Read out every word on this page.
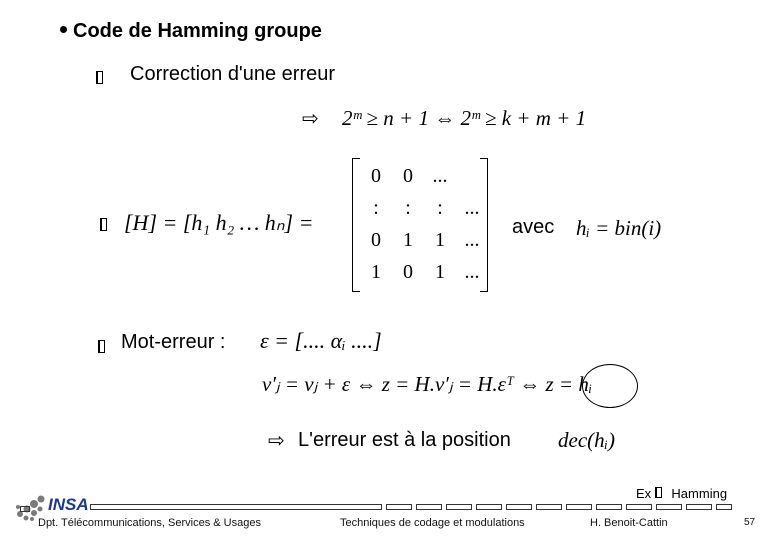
Code de Hamming groupe
Correction d'une erreur
⇨ 2ᵐ ≥ n + 1 ⇔ 2ᵐ ≥ k + m + 1
[H] = [h₁ h₂ … hₙ] =
0	0	...	
:	:	:	...
0	1	1	...
1	0	1	...
avec hᵢ = bin(i)
Mot-erreur : ε = [.... αᵢ ....]
v′ⱼ = vⱼ + ε ⇔ z = H.v′ⱼ = H.εᵀ ⇔ z = hᵢ
⇨ L'erreur est à la position dec(hᵢ)
Ex Hamming
INSA
Dpt. Télécommunications, Services & Usages	Techniques de codage et modulations	H. Benoit-Cattin	57
